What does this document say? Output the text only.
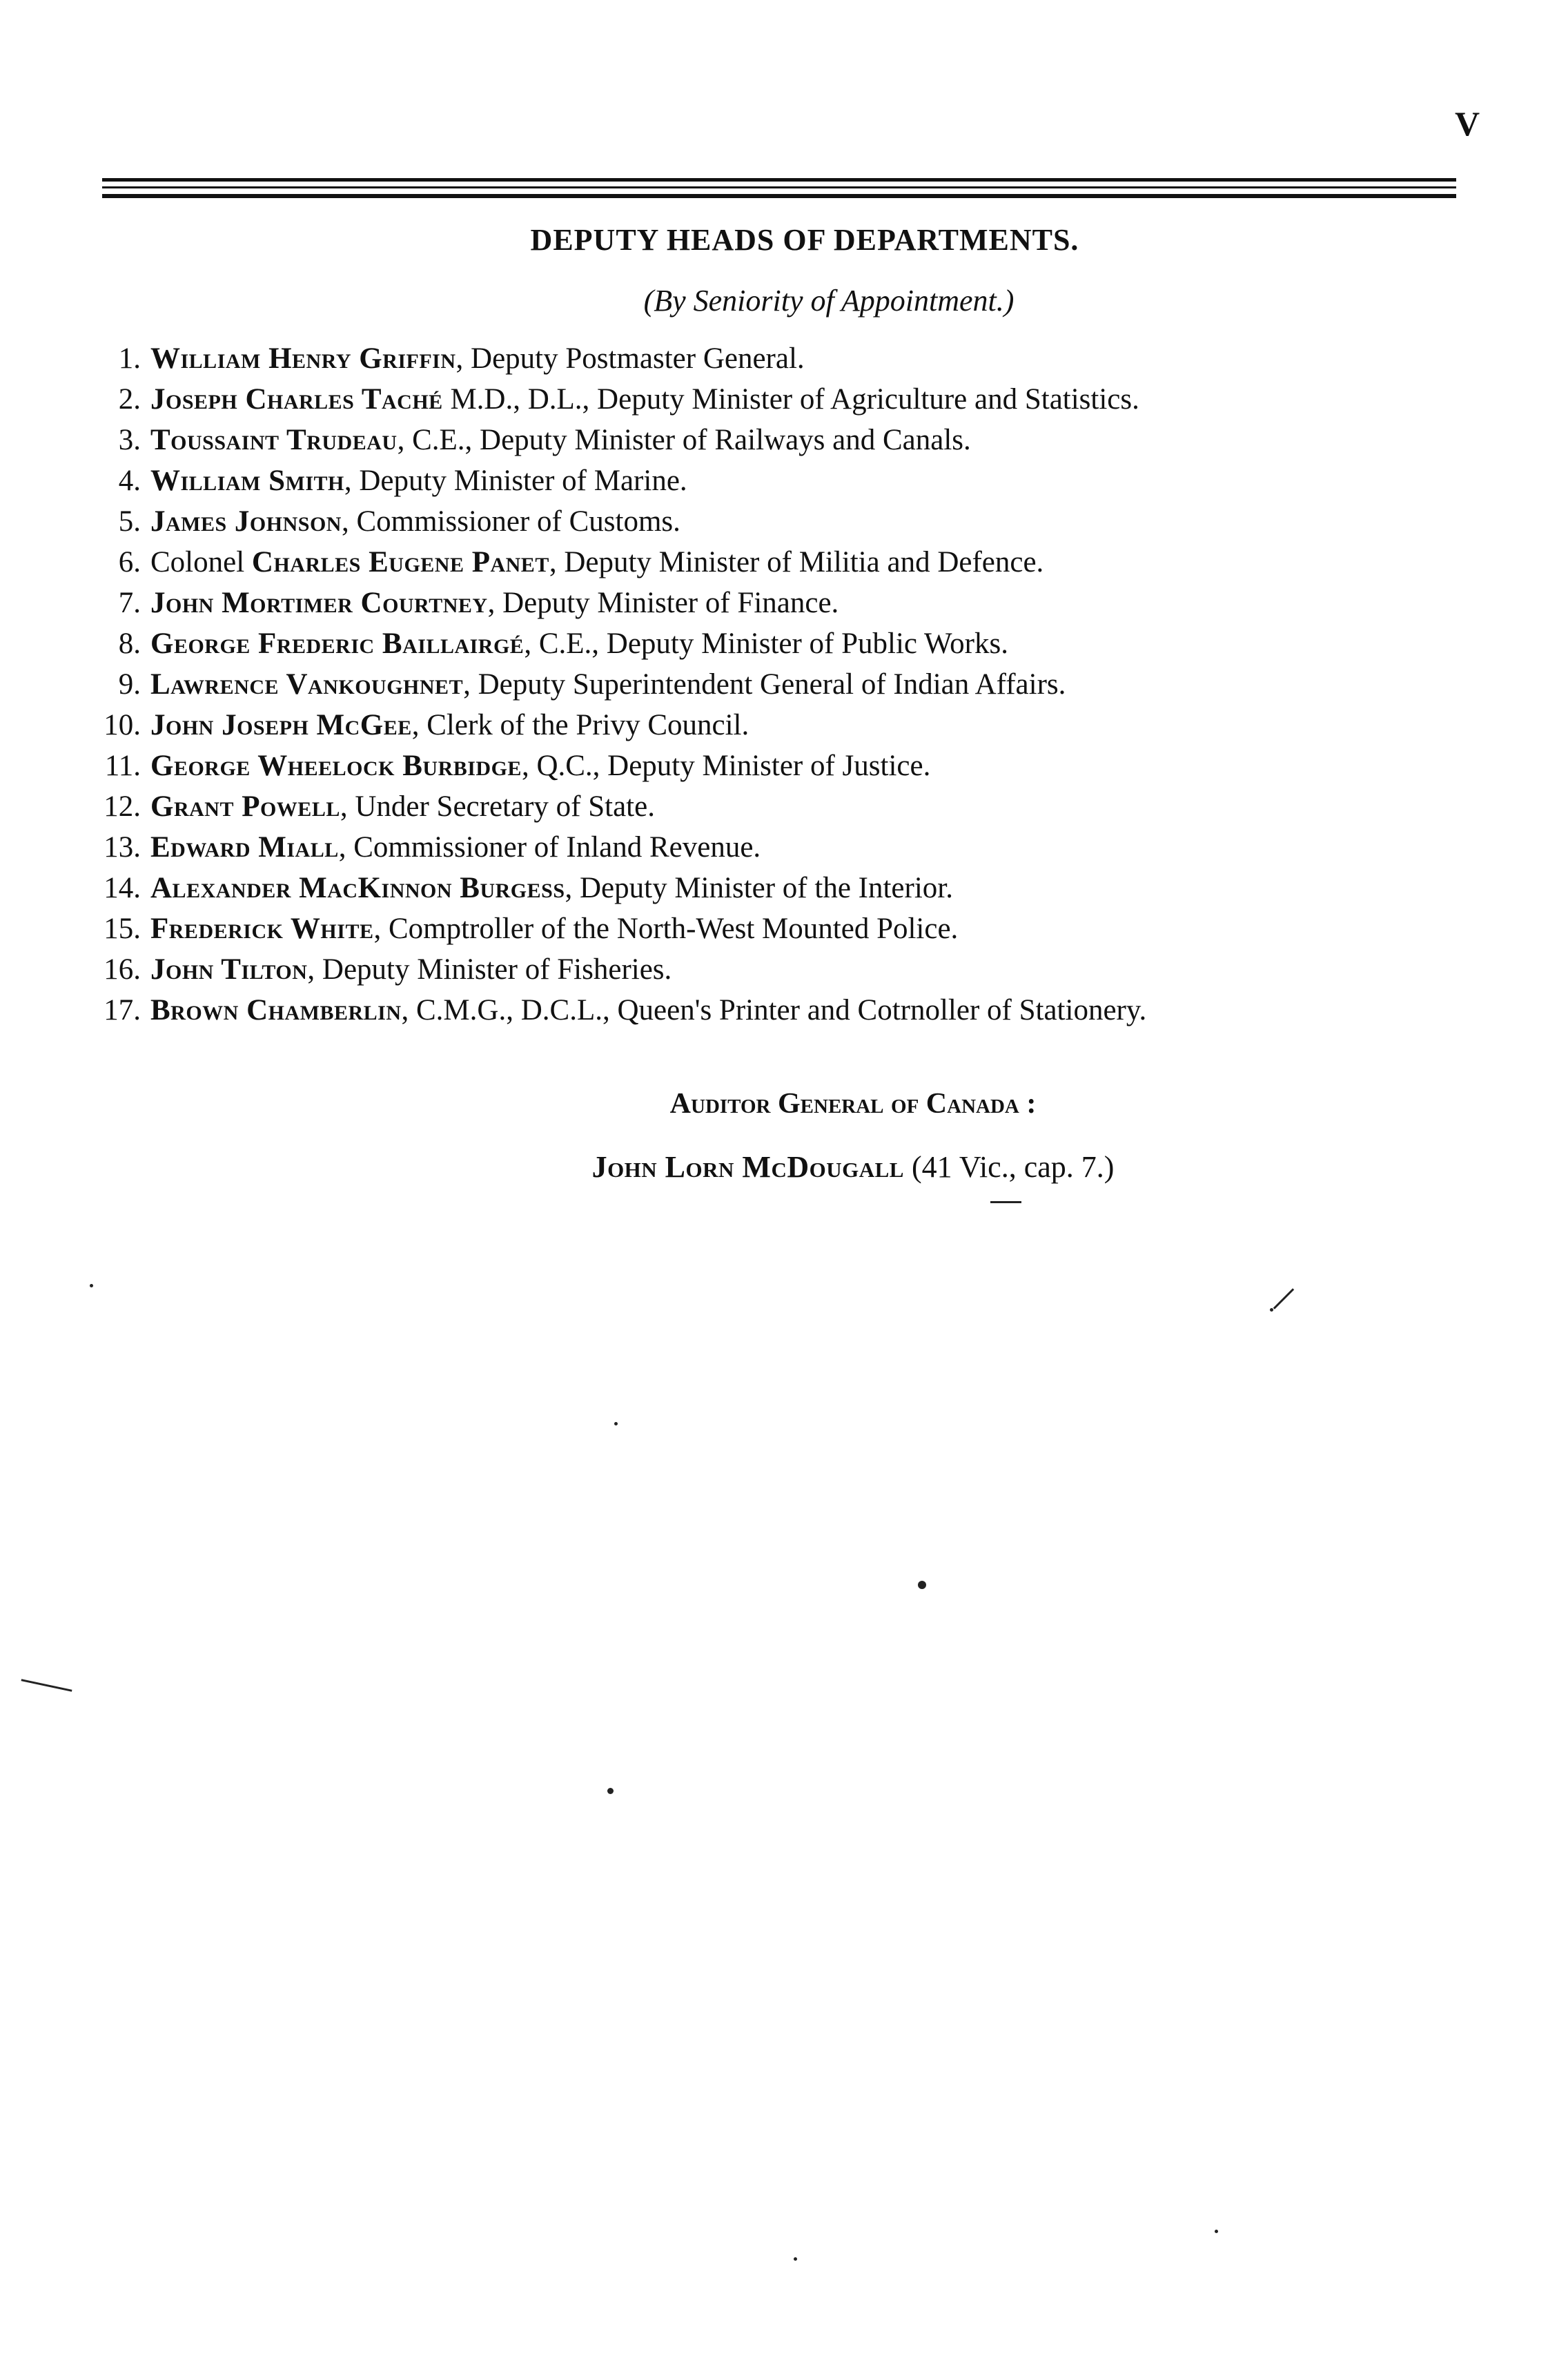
V
DEPUTY HEADS OF DEPARTMENTS.
(By Seniority of Appointment.)
1. William Henry Griffin, Deputy Postmaster General.
2. Joseph Charles Taché M.D., D.L., Deputy Minister of Agriculture and Statistics.
3. Toussaint Trudeau, C.E., Deputy Minister of Railways and Canals.
4. William Smith, Deputy Minister of Marine.
5. James Johnson, Commissioner of Customs.
6. Colonel Charles Eugene Panet, Deputy Minister of Militia and Defence.
7. John Mortimer Courtney, Deputy Minister of Finance.
8. George Frederic Baillairgé, C.E., Deputy Minister of Public Works.
9. Lawrence Vankoughnet, Deputy Superintendent General of Indian Affairs.
10. John Joseph McGee, Clerk of the Privy Council.
11. George Wheelock Burbidge, Q.C., Deputy Minister of Justice.
12. Grant Powell, Under Secretary of State.
13. Edward Miall, Commissioner of Inland Revenue.
14. Alexander MacKinnon Burgess, Deputy Minister of the Interior.
15. Frederick White, Comptroller of the North-West Mounted Police.
16. John Tilton, Deputy Minister of Fisheries.
17. Brown Chamberlin, C.M.G., D.C.L., Queen's Printer and Cotrnoller of Stationery.
Auditor General of Canada :
John Lorn McDougall (41 Vic., cap. 7.)
